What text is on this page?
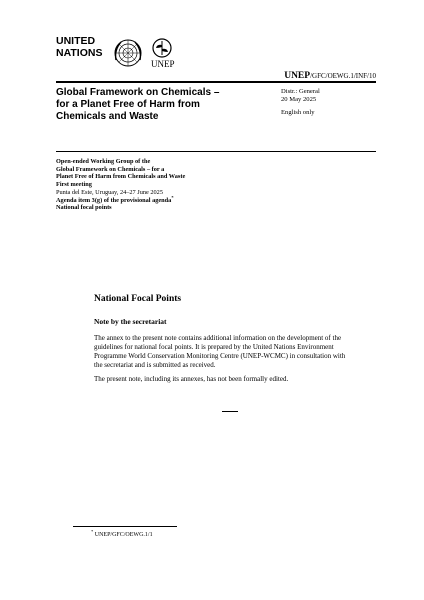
UNITED
NATIONS
UNEP
UNEP/GFC/OEWG.1/INF/10
Global Framework on Chemicals –
for a Planet Free of Harm from
Chemicals and Waste
Distr.: General
20 May 2025
English only
Open-ended Working Group of the
Global Framework on Chemicals – for a
Planet Free of Harm from Chemicals and Waste
First meeting
Punta del Este, Uruguay, 24–27 June 2025
Agenda item 3(g) of the provisional agenda*
National focal points
National Focal Points
Note by the secretariat
The annex to the present note contains additional information on the development of the
guidelines for national focal points. It is prepared by the United Nations Environment
Programme World Conservation Monitoring Centre (UNEP-WCMC) in consultation with
the secretariat and is submitted as received.
The present note, including its annexes, has not been formally edited.
* UNEP/GFC/OEWG.1/1
